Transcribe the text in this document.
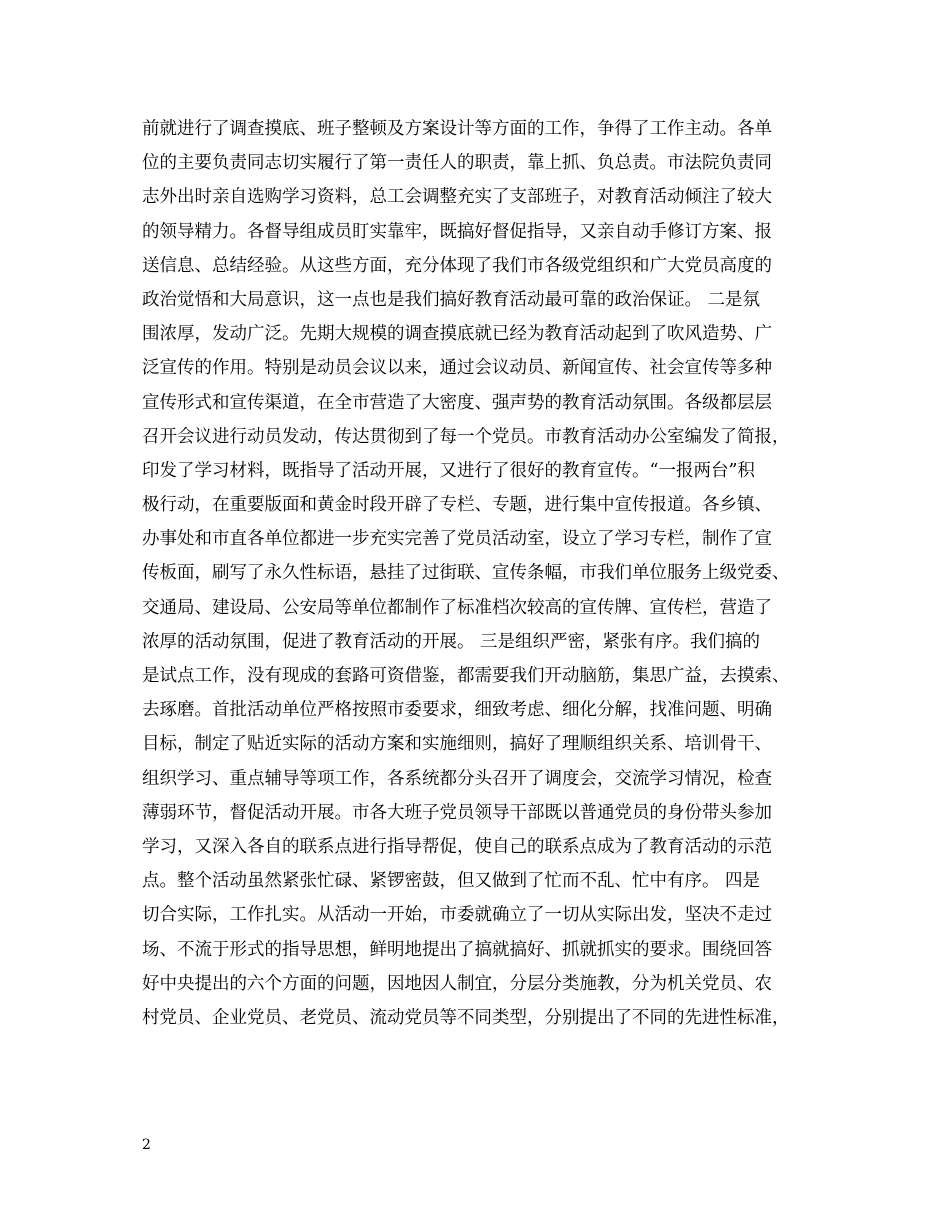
前就进行了调查摸底、班子整顿及方案设计等方面的工作，争得了工作主动。各单
位的主要负责同志切实履行了第一责任人的职责，靠上抓、负总责。市法院负责同
志外出时亲自选购学习资料，总工会调整充实了支部班子，对教育活动倾注了较大
的领导精力。各督导组成员盯实靠牢，既搞好督促指导，又亲自动手修订方案、报
送信息、总结经验。从这些方面，充分体现了我们市各级党组织和广大党员高度的
政治觉悟和大局意识，这一点也是我们搞好教育活动最可靠的政治保证。 二是氛
围浓厚，发动广泛。先期大规模的调查摸底就已经为教育活动起到了吹风造势、广
泛宣传的作用。特别是动员会议以来，通过会议动员、新闻宣传、社会宣传等多种
宣传形式和宣传渠道，在全市营造了大密度、强声势的教育活动氛围。各级都层层
召开会议进行动员发动，传达贯彻到了每一个党员。市教育活动办公室编发了简报，
印发了学习材料，既指导了活动开展，又进行了很好的教育宣传。“一报两台”积
极行动，在重要版面和黄金时段开辟了专栏、专题，进行集中宣传报道。各乡镇、
办事处和市直各单位都进一步充实完善了党员活动室，设立了学习专栏，制作了宣
传板面，刷写了永久性标语，悬挂了过街联、宣传条幅，市我们单位服务上级党委、
交通局、建设局、公安局等单位都制作了标准档次较高的宣传牌、宣传栏，营造了
浓厚的活动氛围，促进了教育活动的开展。 三是组织严密，紧张有序。我们搞的
是试点工作，没有现成的套路可资借鉴，都需要我们开动脑筋，集思广益，去摸索、
去琢磨。首批活动单位严格按照市委要求，细致考虑、细化分解，找准问题、明确
目标，制定了贴近实际的活动方案和实施细则，搞好了理顺组织关系、培训骨干、
组织学习、重点辅导等项工作，各系统都分头召开了调度会，交流学习情况，检查
薄弱环节，督促活动开展。市各大班子党员领导干部既以普通党员的身份带头参加
学习，又深入各自的联系点进行指导帮促，使自己的联系点成为了教育活动的示范
点。整个活动虽然紧张忙碌、紧锣密鼓，但又做到了忙而不乱、忙中有序。 四是
切合实际，工作扎实。从活动一开始，市委就确立了一切从实际出发，坚决不走过
场、不流于形式的指导思想，鲜明地提出了搞就搞好、抓就抓实的要求。围绕回答
好中央提出的六个方面的问题，因地因人制宜，分层分类施教，分为机关党员、农
村党员、企业党员、老党员、流动党员等不同类型，分别提出了不同的先进性标准，
2
